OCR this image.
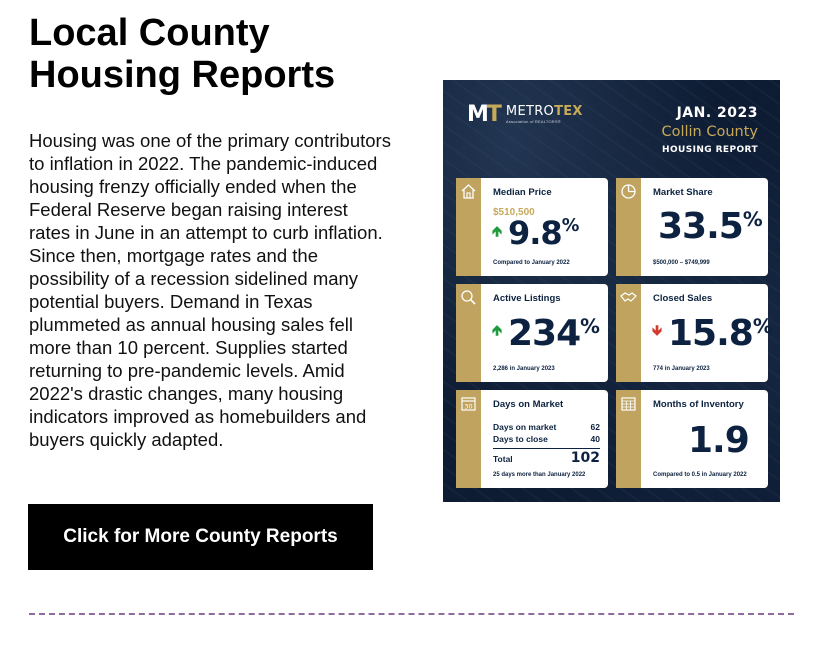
Local County
Housing Reports

Housing was one of the primary contributors to inflation in 2022. The pandemic-induced housing frenzy officially ended when the Federal Reserve began raising interest rates in June in an attempt to curb inflation. Since then, mortgage rates and the possibility of a recession sidelined many potential buyers. Demand in Texas plummeted as annual housing sales fell more than 10 percent. Supplies started returning to pre-pandemic levels. Amid 2022's drastic changes, many housing indicators improved as homebuilders and buyers quickly adapted.

Click for More County Reports
MT METROTEX
Association of REALTORS®
JAN. 2023
Collin County
HOUSING REPORT
Median Price
$510,500
🡹 9.8%
Compared to January 2022
Market Share
33.5%
$500,000 – $749,999
Active Listings
🡹 234%
2,286 in January 2023
Closed Sales
🡻 15.8%
774 in January 2023
30 Days on Market
Days on market	62
Days to close	40
Total	102
25 days more than January 2022
Months of Inventory
1.9
Compared to 0.5 in January 2022
